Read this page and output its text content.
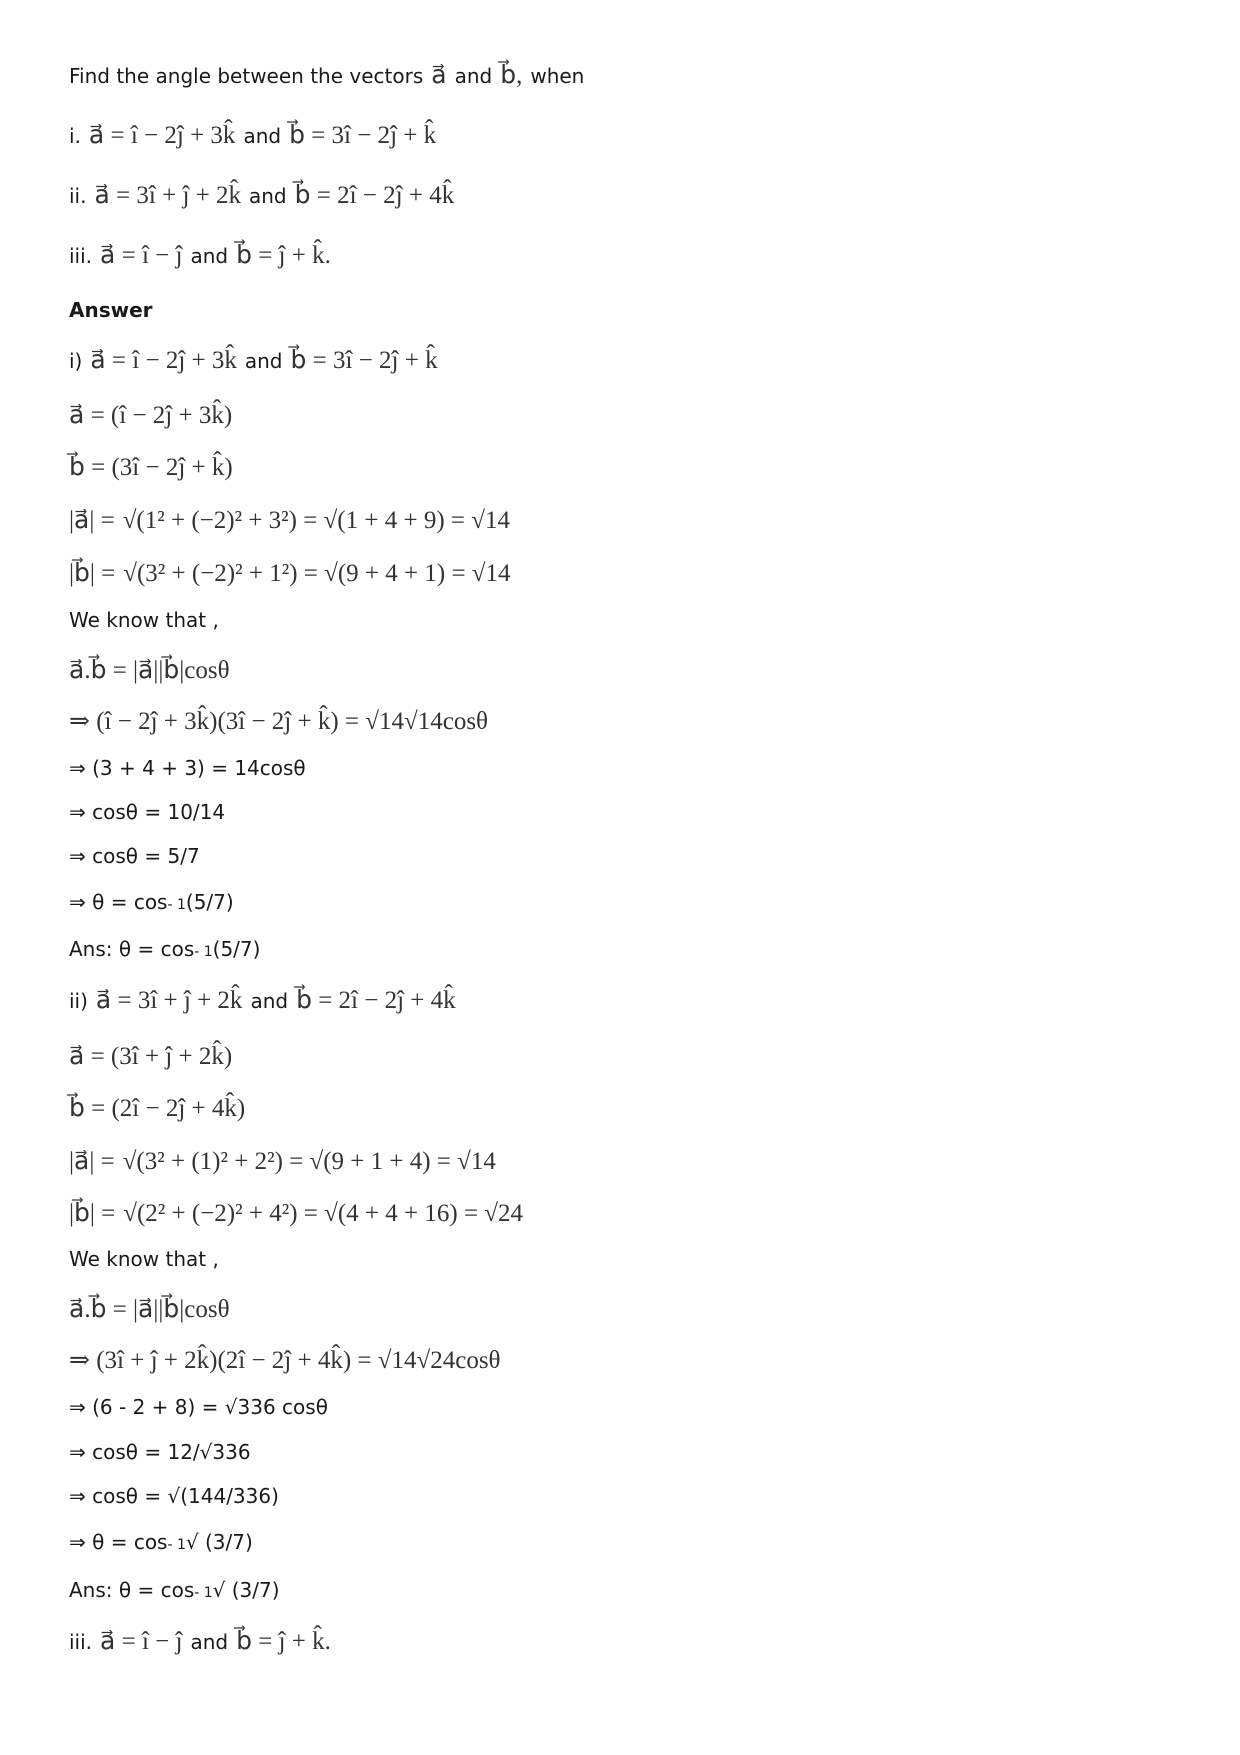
Find the angle between the vectors a⃗ and b⃗, when
i. a⃗ = î − 2ĵ + 3k̂ and b⃗ = 3î − 2ĵ + k̂
ii. a⃗ = 3î + ĵ + 2k̂ and b⃗ = 2î − 2ĵ + 4k̂
iii. a⃗ = î − ĵ and b⃗ = ĵ + k̂.
Answer
i) a⃗ = î − 2ĵ + 3k̂ and b⃗ = 3î − 2ĵ + k̂
a⃗ = (î − 2ĵ + 3k̂)
b⃗ = (3î − 2ĵ + k̂)
|a⃗| = √(1² + (−2)² + 3²) = √(1 + 4 + 9) = √14
|b⃗| = √(3² + (−2)² + 1²) = √(9 + 4 + 1) = √14
We know that ,
a⃗.b⃗ = |a⃗||b⃗|cosθ
⇒ (î − 2ĵ + 3k̂)(3î − 2ĵ + k̂) = √14√14cosθ
⇒ (3 + 4 + 3) = 14cosθ
⇒ cosθ = 10/14
⇒ cosθ = 5/7
⇒ θ = cos - 1 (5/7)
Ans: θ = cos - 1 (5/7)
ii) a⃗ = 3î + ĵ + 2k̂ and b⃗ = 2î − 2ĵ + 4k̂
a⃗ = (3î + ĵ + 2k̂)
b⃗ = (2î − 2ĵ + 4k̂)
|a⃗| = √(3² + (1)² + 2²) = √(9 + 1 + 4) = √14
|b⃗| = √(2² + (−2)² + 4²) = √(4 + 4 + 16) = √24
We know that ,
a⃗.b⃗ = |a⃗||b⃗|cosθ
⇒ (3î + ĵ + 2k̂)(2î − 2ĵ + 4k̂) = √14√24cosθ
⇒ (6 - 2 + 8) = √336 cosθ
⇒ cosθ = 12/√336
⇒ cosθ = √(144/336)
⇒ θ = cos - 1 √ (3/7)
Ans: θ = cos - 1 √ (3/7)
iii. a⃗ = î − ĵ and b⃗ = ĵ + k̂.
